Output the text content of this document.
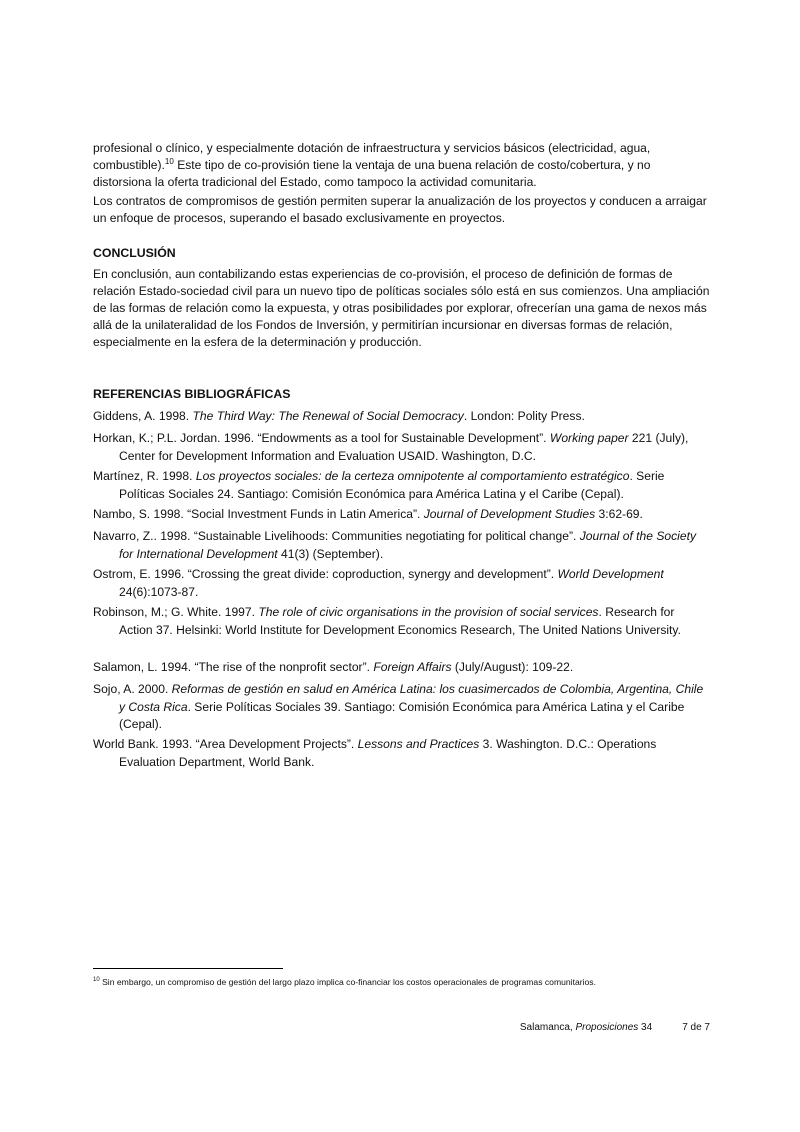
profesional o clínico, y especialmente dotación de infraestructura y servicios básicos (electricidad, agua, combustible).$^{10}$ Este tipo de co-provisión tiene la ventaja de una buena relación de costo/cobertura, y no distorsiona la oferta tradicional del Estado, como tampoco la actividad comunitaria.

Los contratos de compromisos de gestión permiten superar la anualización de los proyectos y conducen a arraigar un enfoque de procesos, superando el basado exclusivamente en proyectos.

CONCLUSIÓN

En conclusión, aun contabilizando estas experiencias de co-provisión, el proceso de definición de formas de relación Estado-sociedad civil para un nuevo tipo de políticas sociales sólo está en sus comienzos. Una ampliación de las formas de relación como la expuesta, y otras posibilidades por explorar, ofrecerían una gama de nexos más allá de la unilateralidad de los Fondos de Inversión, y permitirían incursionar en diversas formas de relación, especialmente en la esfera de la determinación y producción.

REFERENCIAS BIBLIOGRÁFICAS

Giddens, A. 1998. The Third Way: The Renewal of Social Democracy. London: Polity Press.

Horkan, K.; P.L. Jordan. 1996. “Endowments as a tool for Sustainable Development”. Working paper 221 (July), Center for Development Information and Evaluation USAID. Washington, D.C.

Martínez, R. 1998. Los proyectos sociales: de la certeza omnipotente al comportamiento estratégico. Serie Políticas Sociales 24. Santiago: Comisión Económica para América Latina y el Caribe (Cepal).

Nambo, S. 1998. “Social Investment Funds in Latin America”. Journal of Development Studies 3:62-69.

Navarro, Z.. 1998. “Sustainable Livelihoods: Communities negotiating for political change”. Journal of the Society for International Development 41(3) (September).

Ostrom, E. 1996. “Crossing the great divide: coproduction, synergy and development”. World Development 24(6):1073-87.

Robinson, M.; G. White. 1997. The role of civic organisations in the provision of social services. Research for Action 37. Helsinki: World Institute for Development Economics Research, The United Nations University.

Salamon, L. 1994. “The rise of the nonprofit sector”. Foreign Affairs (July/August): 109-22.

Sojo, A. 2000. Reformas de gestión en salud en América Latina: los cuasimercados de Colombia, Argentina, Chile y Costa Rica. Serie Políticas Sociales 39. Santiago: Comisión Económica para América Latina y el Caribe (Cepal).

World Bank. 1993. “Area Development Projects”. Lessons and Practices 3. Washington. D.C.: Operations Evaluation Department, World Bank.

$^{10}$ Sin embargo, un compromiso de gestión del largo plazo implica co-financiar los costos operacionales de programas comunitarios.

Salamanca, Proposiciones 34	7 de 7
